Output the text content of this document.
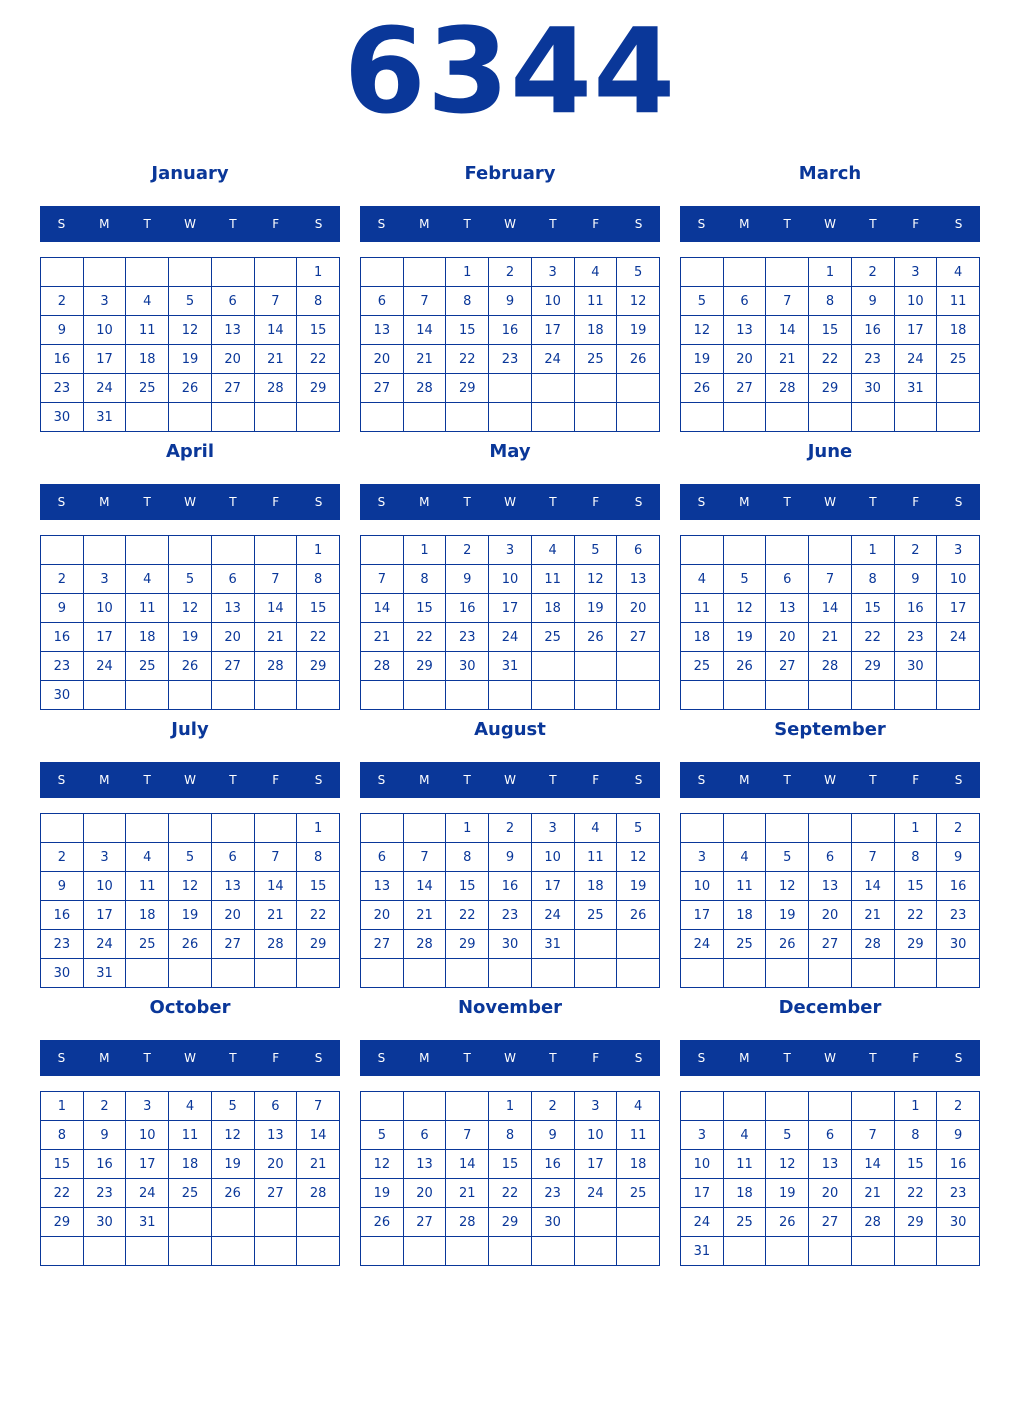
6344
January
S	M	T	W	T	F	S
						1
2	3	4	5	6	7	8
9	10	11	12	13	14	15
16	17	18	19	20	21	22
23	24	25	26	27	28	29
30	31					
February
S	M	T	W	T	F	S
		1	2	3	4	5
6	7	8	9	10	11	12
13	14	15	16	17	18	19
20	21	22	23	24	25	26
27	28	29				

March
S	M	T	W	T	F	S
			1	2	3	4
5	6	7	8	9	10	11
12	13	14	15	16	17	18
19	20	21	22	23	24	25
26	27	28	29	30	31	

April
S	M	T	W	T	F	S
						1
2	3	4	5	6	7	8
9	10	11	12	13	14	15
16	17	18	19	20	21	22
23	24	25	26	27	28	29
30						
May
S	M	T	W	T	F	S
	1	2	3	4	5	6
7	8	9	10	11	12	13
14	15	16	17	18	19	20
21	22	23	24	25	26	27
28	29	30	31			

June
S	M	T	W	T	F	S
				1	2	3
4	5	6	7	8	9	10
11	12	13	14	15	16	17
18	19	20	21	22	23	24
25	26	27	28	29	30	

July
S	M	T	W	T	F	S
						1
2	3	4	5	6	7	8
9	10	11	12	13	14	15
16	17	18	19	20	21	22
23	24	25	26	27	28	29
30	31					
August
S	M	T	W	T	F	S
		1	2	3	4	5
6	7	8	9	10	11	12
13	14	15	16	17	18	19
20	21	22	23	24	25	26
27	28	29	30	31		

September
S	M	T	W	T	F	S
					1	2
3	4	5	6	7	8	9
10	11	12	13	14	15	16
17	18	19	20	21	22	23
24	25	26	27	28	29	30

October
S	M	T	W	T	F	S
1	2	3	4	5	6	7
8	9	10	11	12	13	14
15	16	17	18	19	20	21
22	23	24	25	26	27	28
29	30	31				

November
S	M	T	W	T	F	S
			1	2	3	4
5	6	7	8	9	10	11
12	13	14	15	16	17	18
19	20	21	22	23	24	25
26	27	28	29	30		

December
S	M	T	W	T	F	S
					1	2
3	4	5	6	7	8	9
10	11	12	13	14	15	16
17	18	19	20	21	22	23
24	25	26	27	28	29	30
31						
